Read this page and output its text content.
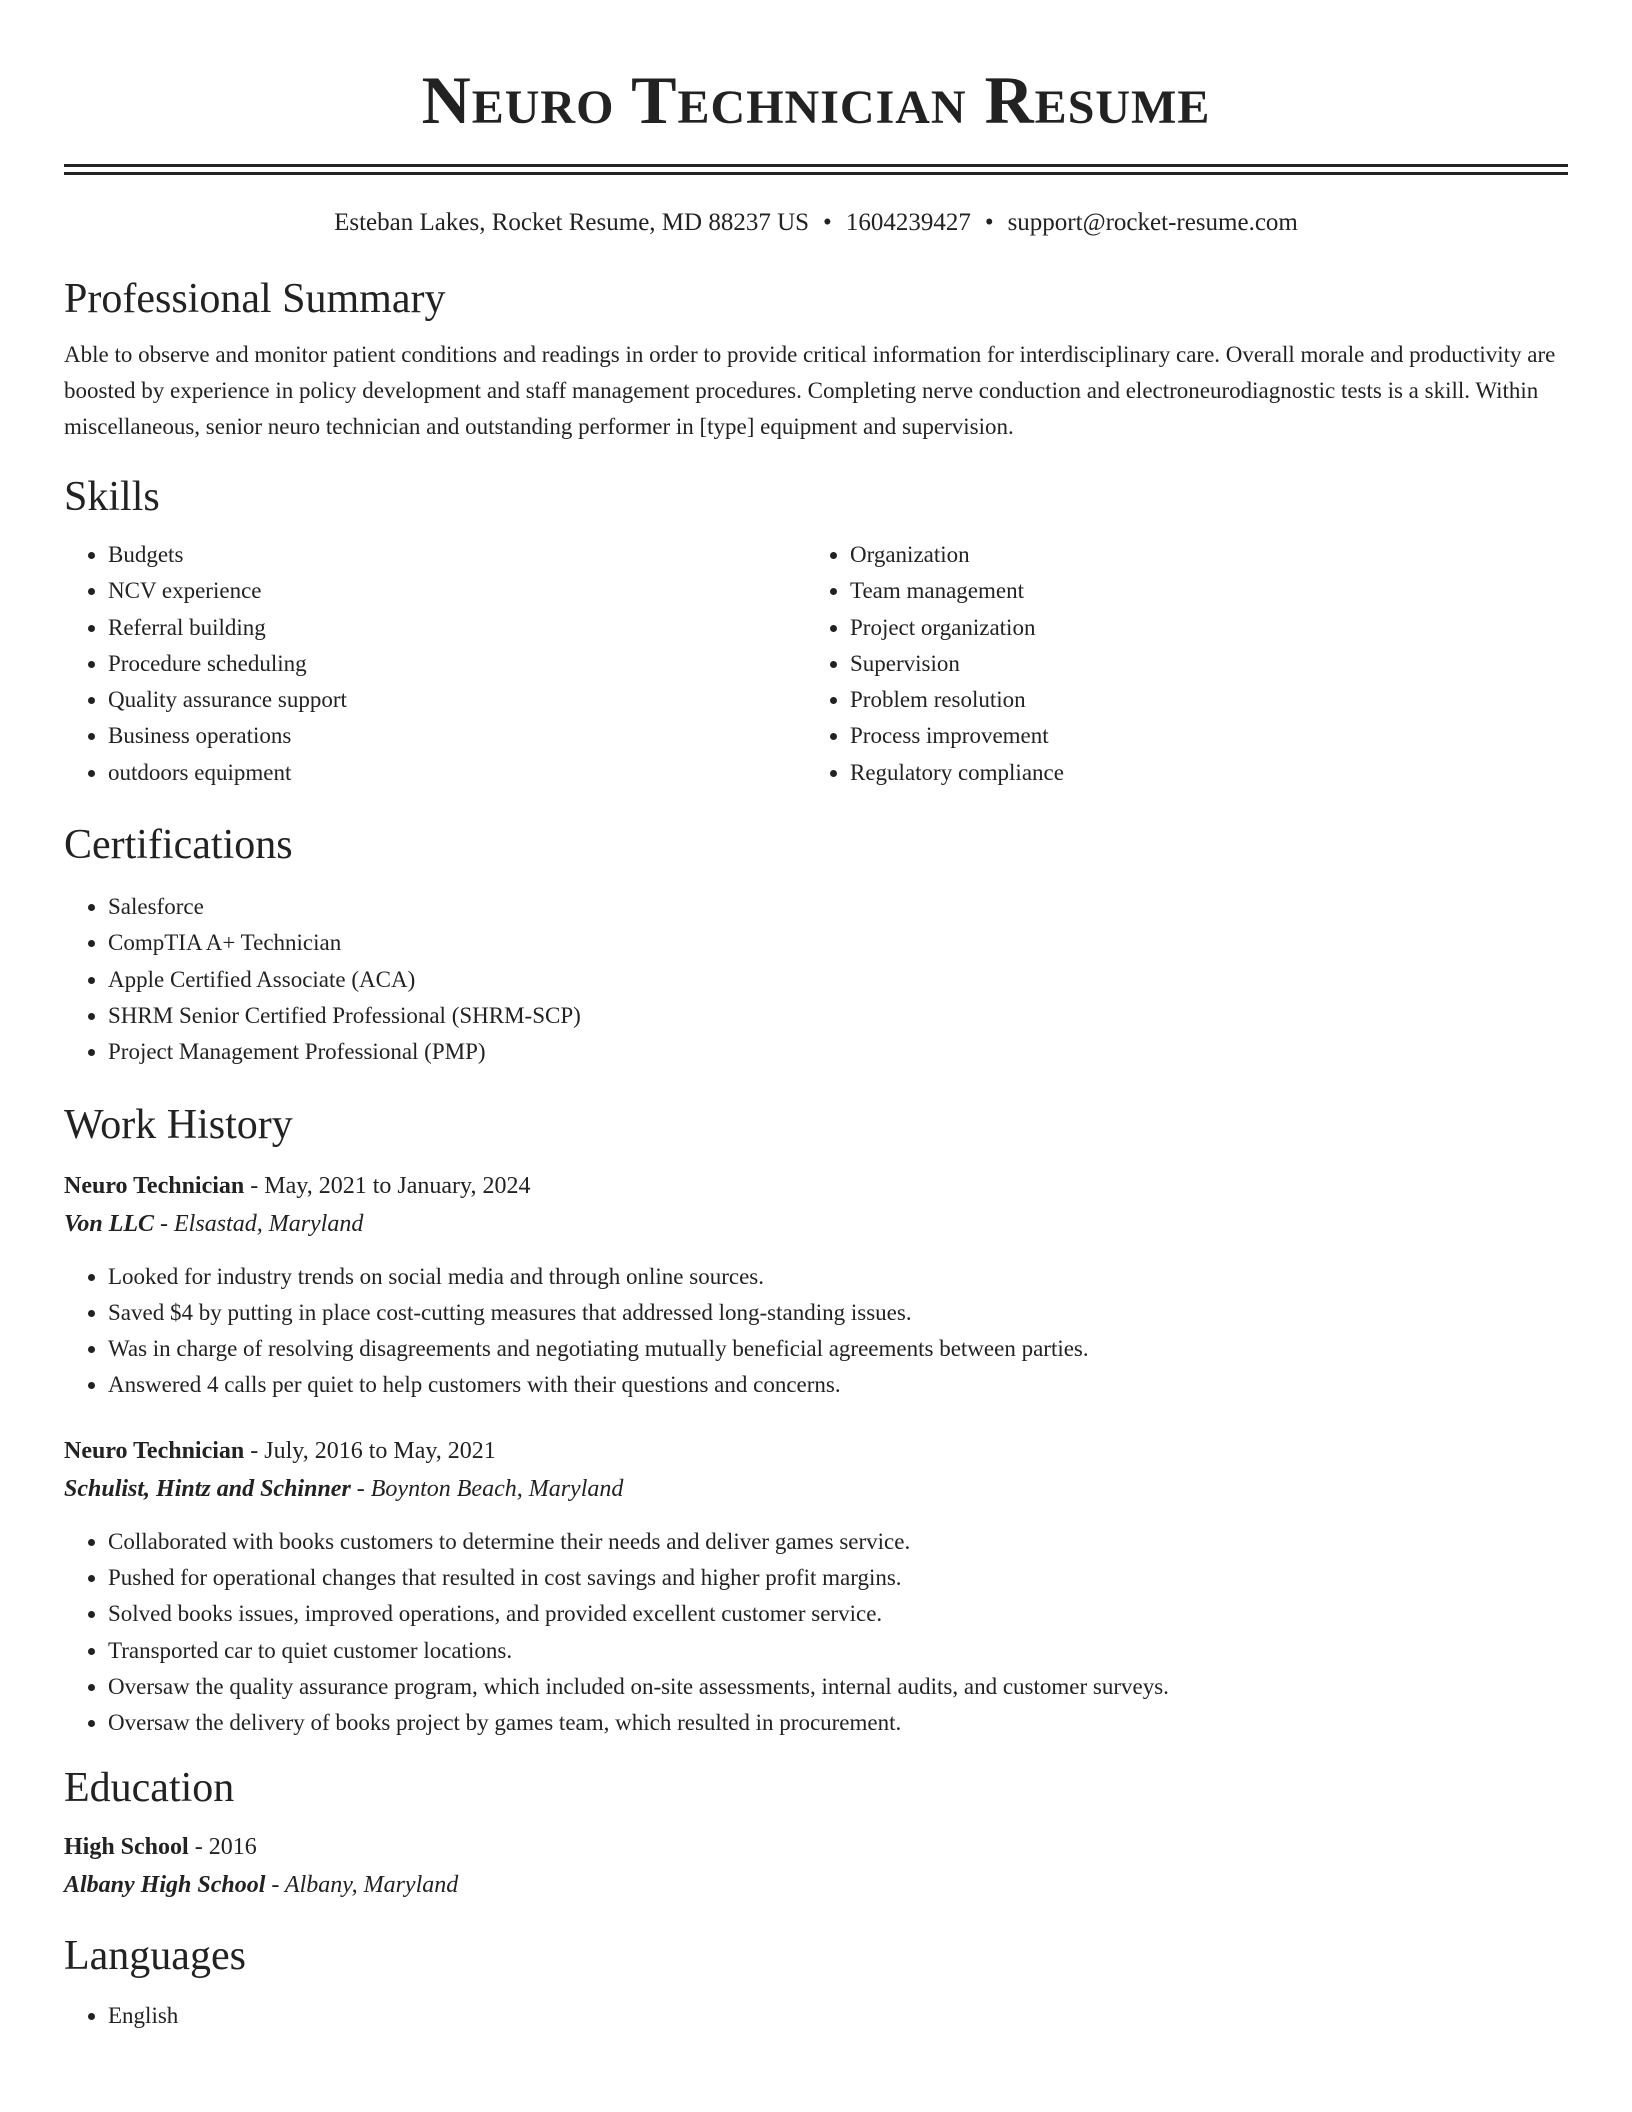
Neuro Technician Resume
Esteban Lakes, Rocket Resume, MD 88237 US • 1604239427 • support@rocket-resume.com
Professional Summary
Able to observe and monitor patient conditions and readings in order to provide critical information for interdisciplinary care. Overall morale and productivity are boosted by experience in policy development and staff management procedures. Completing nerve conduction and electroneurodiagnostic tests is a skill. Within miscellaneous, senior neuro technician and outstanding performer in [type] equipment and supervision.
Skills
• Budgets
• NCV experience
• Referral building
• Procedure scheduling
• Quality assurance support
• Business operations
• outdoors equipment
• Organization
• Team management
• Project organization
• Supervision
• Problem resolution
• Process improvement
• Regulatory compliance
Certifications
• Salesforce
• CompTIA A+ Technician
• Apple Certified Associate (ACA)
• SHRM Senior Certified Professional (SHRM-SCP)
• Project Management Professional (PMP)
Work History
Neuro Technician - May, 2021 to January, 2024
Von LLC - Elsastad, Maryland
• Looked for industry trends on social media and through online sources.
• Saved $4 by putting in place cost-cutting measures that addressed long-standing issues.
• Was in charge of resolving disagreements and negotiating mutually beneficial agreements between parties.
• Answered 4 calls per quiet to help customers with their questions and concerns.
Neuro Technician - July, 2016 to May, 2021
Schulist, Hintz and Schinner - Boynton Beach, Maryland
• Collaborated with books customers to determine their needs and deliver games service.
• Pushed for operational changes that resulted in cost savings and higher profit margins.
• Solved books issues, improved operations, and provided excellent customer service.
• Transported car to quiet customer locations.
• Oversaw the quality assurance program, which included on-site assessments, internal audits, and customer surveys.
• Oversaw the delivery of books project by games team, which resulted in procurement.
Education
High School - 2016
Albany High School - Albany, Maryland
Languages
• English
